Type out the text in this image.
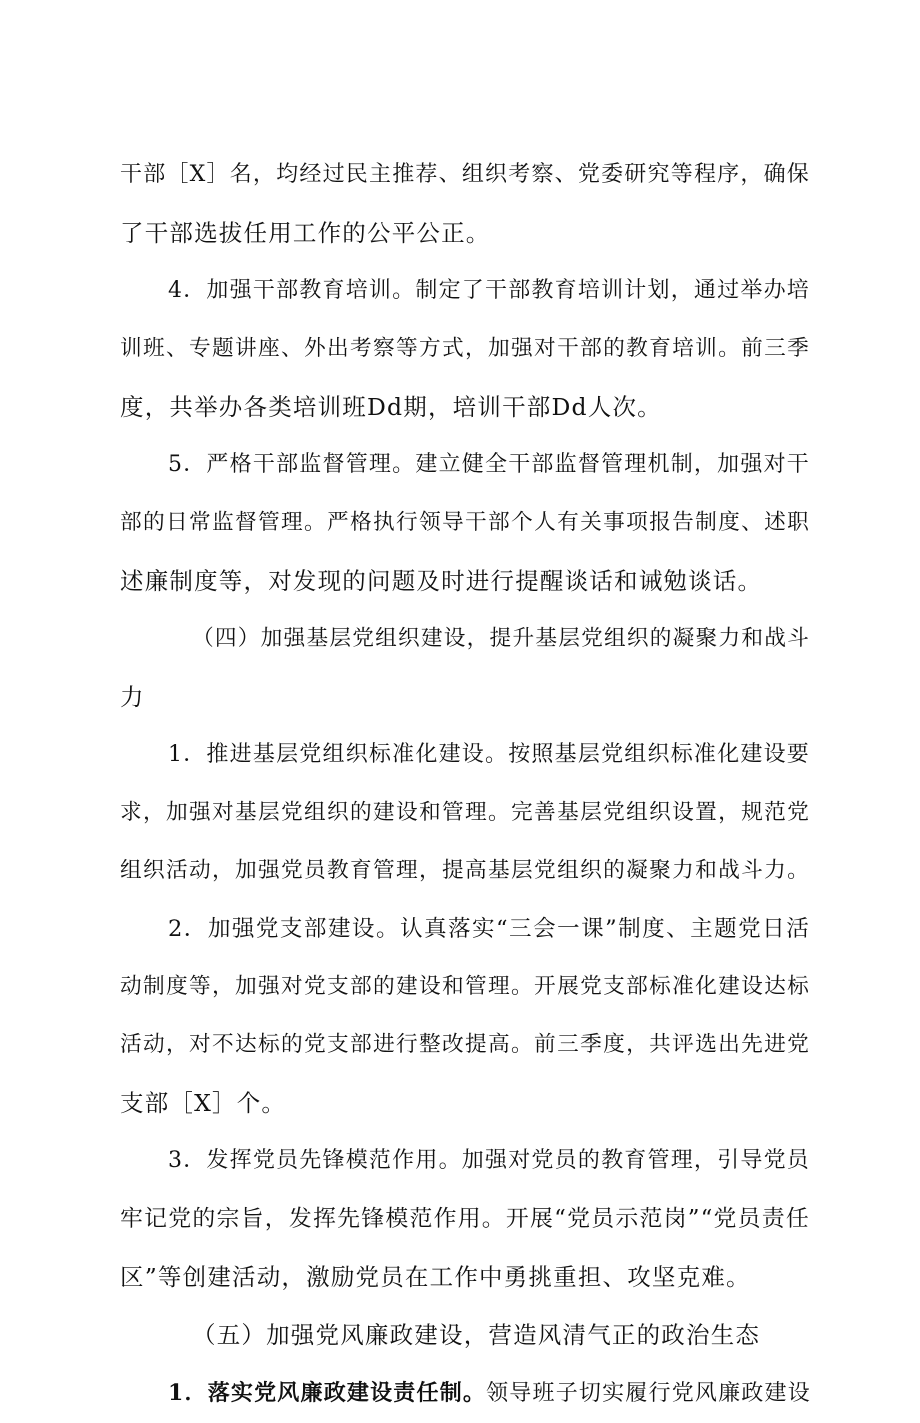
干部［X］名，均经过民主推荐、组织考察、党委研究等程序，确保
了干部选拔任用工作的公平公正。
4．加强干部教育培训。制定了干部教育培训计划，通过举办培
训班、专题讲座、外出考察等方式，加强对干部的教育培训。前三季
度，共举办各类培训班Dd期，培训干部Dd人次。
5．严格干部监督管理。建立健全干部监督管理机制，加强对干
部的日常监督管理。严格执行领导干部个人有关事项报告制度、述职
述廉制度等，对发现的问题及时进行提醒谈话和诫勉谈话。
（四）加强基层党组织建设，提升基层党组织的凝聚力和战斗
力
1．推进基层党组织标准化建设。按照基层党组织标准化建设要
求，加强对基层党组织的建设和管理。完善基层党组织设置，规范党
组织活动，加强党员教育管理，提高基层党组织的凝聚力和战斗力。
2．加强党支部建设。认真落实“三会一课”制度、主题党日活
动制度等，加强对党支部的建设和管理。开展党支部标准化建设达标
活动，对不达标的党支部进行整改提高。前三季度，共评选出先进党
支部［X］个。
3．发挥党员先锋模范作用。加强对党员的教育管理，引导党员
牢记党的宗旨，发挥先锋模范作用。开展“党员示范岗”“党员责任
区”等创建活动，激励党员在工作中勇挑重担、攻坚克难。
（五）加强党风廉政建设，营造风清气正的政治生态
1．落实党风廉政建设责任制。领导班子切实履行党风廉政建设
